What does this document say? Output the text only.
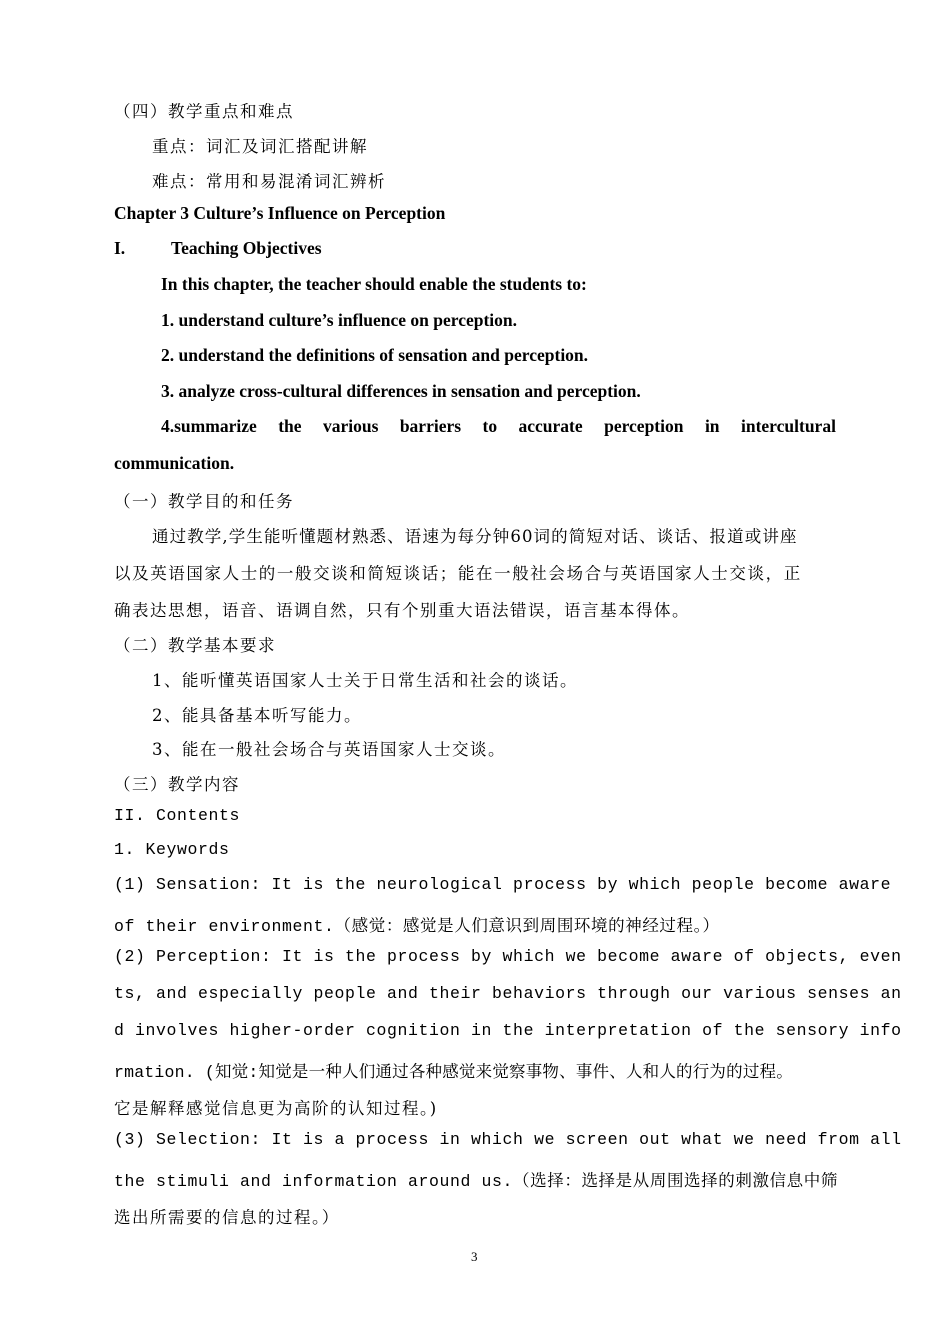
（四）教学重点和难点
重点：词汇及词汇搭配讲解
难点：常用和易混淆词汇辨析
Chapter 3 Culture’s Influence on Perception
I.	Teaching Objectives
In this chapter, the teacher should enable the students to:
1. understand culture’s influence on perception.
2. understand the definitions of sensation and perception.
3. analyze cross-cultural differences in sensation and perception.
4.summarize the various barriers to accurate perception in intercultural
communication.
（一）教学目的和任务
通过教学,学生能听懂题材熟悉、语速为每分钟60词的简短对话、谈话、报道或讲座
以及英语国家人士的一般交谈和简短谈话；能在一般社会场合与英语国家人士交谈，正
确表达思想，语音、语调自然，只有个别重大语法错误，语言基本得体。
（二）教学基本要求
1、能听懂英语国家人士关于日常生活和社会的谈话。
2、能具备基本听写能力。
3、能在一般社会场合与英语国家人士交谈。
（三）教学内容
II. Contents
1. Keywords
(1) Sensation: It is the neurological process by which people become aware
of their environment.（感觉：感觉是人们意识到周围环境的神经过程。）
(2) Perception: It is the process by which we become aware of objects, even
ts, and especially people and their behaviors through our various senses an
d involves higher-order cognition in the interpretation of the sensory info
rmation. (知觉:知觉是一种人们通过各种感觉来觉察事物、事件、人和人的行为的过程。
它是解释感觉信息更为高阶的认知过程。)
(3) Selection: It is a process in which we screen out what we need from all
the stimuli and information around us.（选择：选择是从周围选择的刺激信息中筛
选出所需要的信息的过程。）
3
